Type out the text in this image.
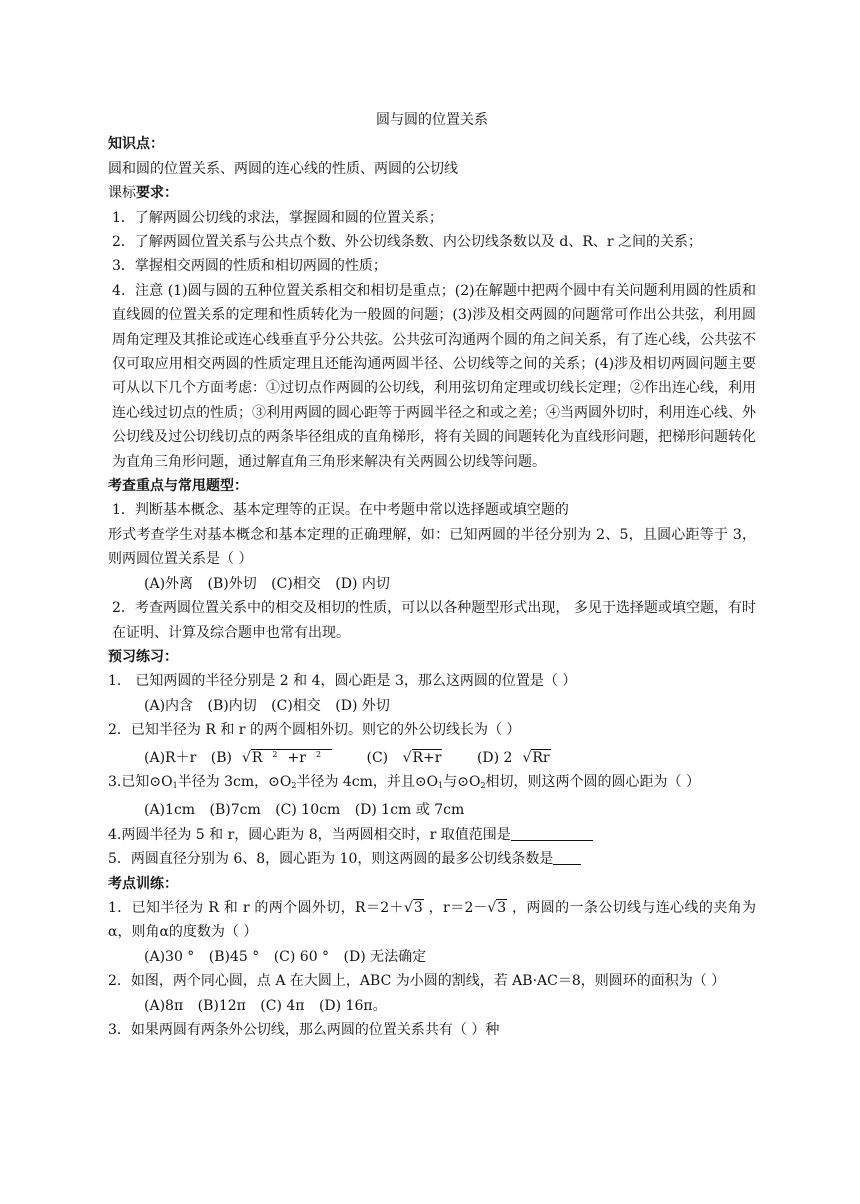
圆与圆的位置关系

知识点：

圆和圆的位置关系、两圆的连心线的性质、两圆的公切线

课标要求：

1．了解两圆公切线的求法，掌握圆和圆的位置关系；

2．了解两圆位置关系与公共点个数、外公切线条数、内公切线条数以及 d、R、r 之间的关系；

3．掌握相交两圆的性质和相切两圆的性质；

4．注意 (1)圆与圆的五种位置关系相交和相切是重点；(2)在解题中把两个圆中有关问题利用圆的性质和直线圆的位置关系的定理和性质转化为一般圆的问题；(3)涉及相交两圆的问题常可作出公共弦，利用圆周角定理及其推论或连心线垂直乎分公共弦。公共弦可沟通两个圆的角之间关系，有了连心线，公共弦不仅可取应用相交两圆的性质定理且还能沟通两圆半径、公切线等之间的关系；(4)涉及相切两圆问题主要可从以下几个方面考虑：①过切点作两圆的公切线，利用弦切角定理或切线长定理；②作出连心线，利用连心线过切点的性质；③利用两圆的圆心距等于两圆半径之和或之差；④当两圆外切时，利用连心线、外公切线及过公切线切点的两条毕径组成的直角梯形，将有关圆的间题转化为直线形问题，把梯形问题转化为直角三角形问题，通过解直角三角形来解决有关两圆公切线等问题。

考查重点与常甩题型：

1．判断基本概念、基本定理等的正误。在中考题申常以选择题或填空题的

形式考查学生对基本概念和基本定理的正确理解，如：已知两圆的半径分别为 2、5，且圆心距等于 3，则两圆位置关系是（ ）

(A)外离 (B)外切 (C)相交 (D) 内切

2．考查两圆位置关系中的相交及相切的性质，可以以各种题型形式出现， 多见于选择题或填空题，有时在证明、计算及综合题申也常有出现。

预习练习：

1． 已知两圆的半径分别是 2 和 4，圆心距是 3，那么这两圆的位置是（ ）

(A)内含 (B)内切 (C)相交 (D) 外切

2．已知半径为 R 和 r 的两个圆相外切。则它的外公切线长为（ ）

(A)R＋r (B) √R $^2$ +r $^2$	(C) √R+r	(D) 2 √Rr

3.已知$⊙O_1$半径为 3cm，$⊙O_2$半径为 4cm，并且$⊙O_1$与$⊙O_2$相切，则这两个圆的圆心距为（ ）

(A)1cm (B)7cm (C) 10cm (D) 1cm 或 7cm

4.两圆半径为 5 和 r，圆心距为 8，当两圆相交时，r 取值范围是

5．两圆直径分别为 6、8，圆心距为 10，则这两圆的最多公切线条数是

考点训练：

1．已知半径为 R 和 r 的两个圆外切，R＝2＋√3 ，r＝2－√3 ，两圆的一条公切线与连心线的夹角为α，则角α的度数为（ ）

(A)30 ° (B)45 ° (C) 60 ° (D) 无法确定

2．如图，两个同心圆，点 A 在大圆上，ABC 为小圆的割线，若 AB·AC＝8，则圆环的面积为（ ）

(A)8π (B)12π (C) 4π (D) 16π。

3．如果两圆有两条外公切线，那么两圆的位置关系共有（ ）种
